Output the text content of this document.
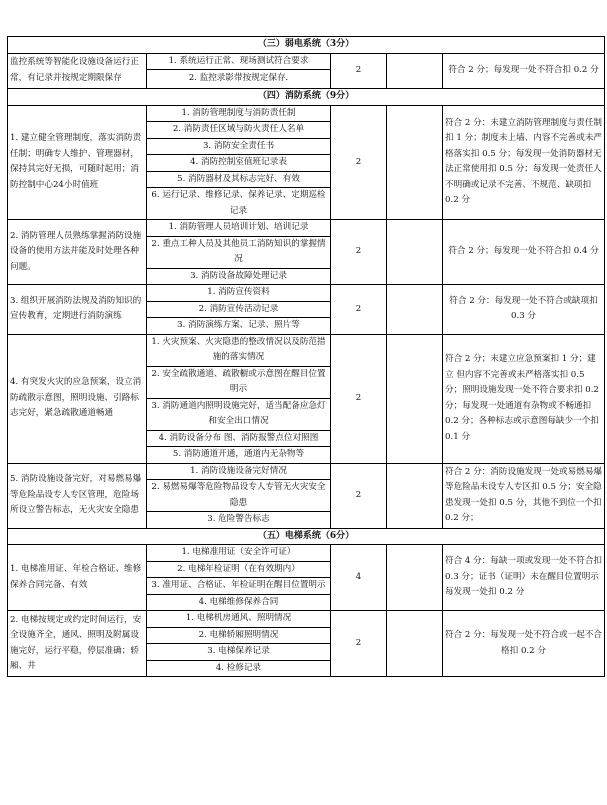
（三）弱电系统（3分）				
监控系统等智能化设施设备运行正常，有记录并按规定期限保存	1. 系统运行正常、现场测试符合要求	2		符合 2 分；每发现一处不符合扣 0.2 分
	2. 监控录影带按规定保存.			
（四）消防系统（9分）				
1. 建立健全管理制度，落实消防责任制；明确专人维护、管理器材，保持其完好无损，可随时起用；消防控制中心24小时值班	1. 消防管理制度与消防责任制	2		符合 2 分：未建立消防管理制度与责任制扣 1 分；制度未上墙、内容不完善或未严格落实扣 0.5 分；每发现一处消防器材无法正常使用扣 0.5 分；每发现一处责任人不明确或记录不完善、不规范、缺项扣 0.2 分
	2. 消防责任区域与防火责任人名单			
	3. 消防安全责任书			
	4. 消防控制室值班记录表			
	5. 消防器材及其标志完好、有效			
	6. 运行记录、维修记录、保养记录、定期巡检记录			
2. 消防管理人员熟练掌握消防设施设备的使用方法并能及时处理各种问题。	1. 消防管理人员培训计划、培训记录	2		符合 2 分；每发现一处不符合扣 0.4 分
	2. 重点工种人员及其他员工消防知识的掌握情况			
	3. 消防设备故障处理记录			
3. 组织开展消防法规及消防知识的宣传教育，定期进行消防演练	1. 消防宣传资料	2		符合 2 分：每发现一处不符合或缺项扣 0.3 分
	2. 消防宣传活动记录			
	3. 消防演练方案、记录、照片等			
4. 有突发火灾的应急预案，设立消防疏散示意图，照明设施、引路标志完好，紧急疏散通道畅通	1. 火灾预案、火灾隐患的整改情况以及防范措施的落实情况	2		符合 2 分；未建立应急预案扣 1 分；建立 但内容不完善或未严格落实扣 0.5 分；照明设施发现一处不符合要求扣 0.2 分；每发现一处通道有杂物或不畅通扣 0.2 分；各种标志或示意图每缺少一个扣 0.1 分
	2. 安全疏散通道、疏散橱或示意图在醒目位置明示			
	3. 消防通道内照明设施完好，适当配备应急灯和安全出口情况			
	4. 消防设备分布 图、消防报警点位对照图			
	5. 消防通道开通，通道内无杂物等			
5. 消防设施设备完好，对易燃易爆等危险品设专人专区管理，危险场所设立警告标志，无火灾安全隐患	1. 消防设施设备完好情况	2		符合 2 分：消防设施发现一处或易燃易爆等危险品未设专人专区扣 0.5 分；安全隐患发现一处扣 0.5 分，其他不到位一个扣 0.2 分；
	2. 易燃易爆等危险物品设专人专管无火灾安全隐患			
	3. 危险警告标志			
（五）电梯系统（6分）				
1. 电梯准用证、年检合格证、维修保养合同完备、有效	1. 电梯准用证（安全许可证）	4		符合 4 分：每缺一项或发现一处不符合扣 0.3 分；证书（证明）未在醒目位置明示每发现一处扣 0.2 分
	2. 电梯年检证明（在有效期内）			
	3. 准用证、合格证、年检证明在醒目位置明示			
	4. 电梯维修保养合同			
2. 电梯按规定或约定时间运行，安全设施齐全，通风、照明及附属设施完好，运行平稳，停层准确；轿厢、井	1. 电梯机房通风、照明情况	2		符合 2 分：每发现一处不符合或一起不合格扣 0.2 分
	2. 电梯轿厢照明情况			
	3. 电梯保养记录			
	4. 检修记录			
